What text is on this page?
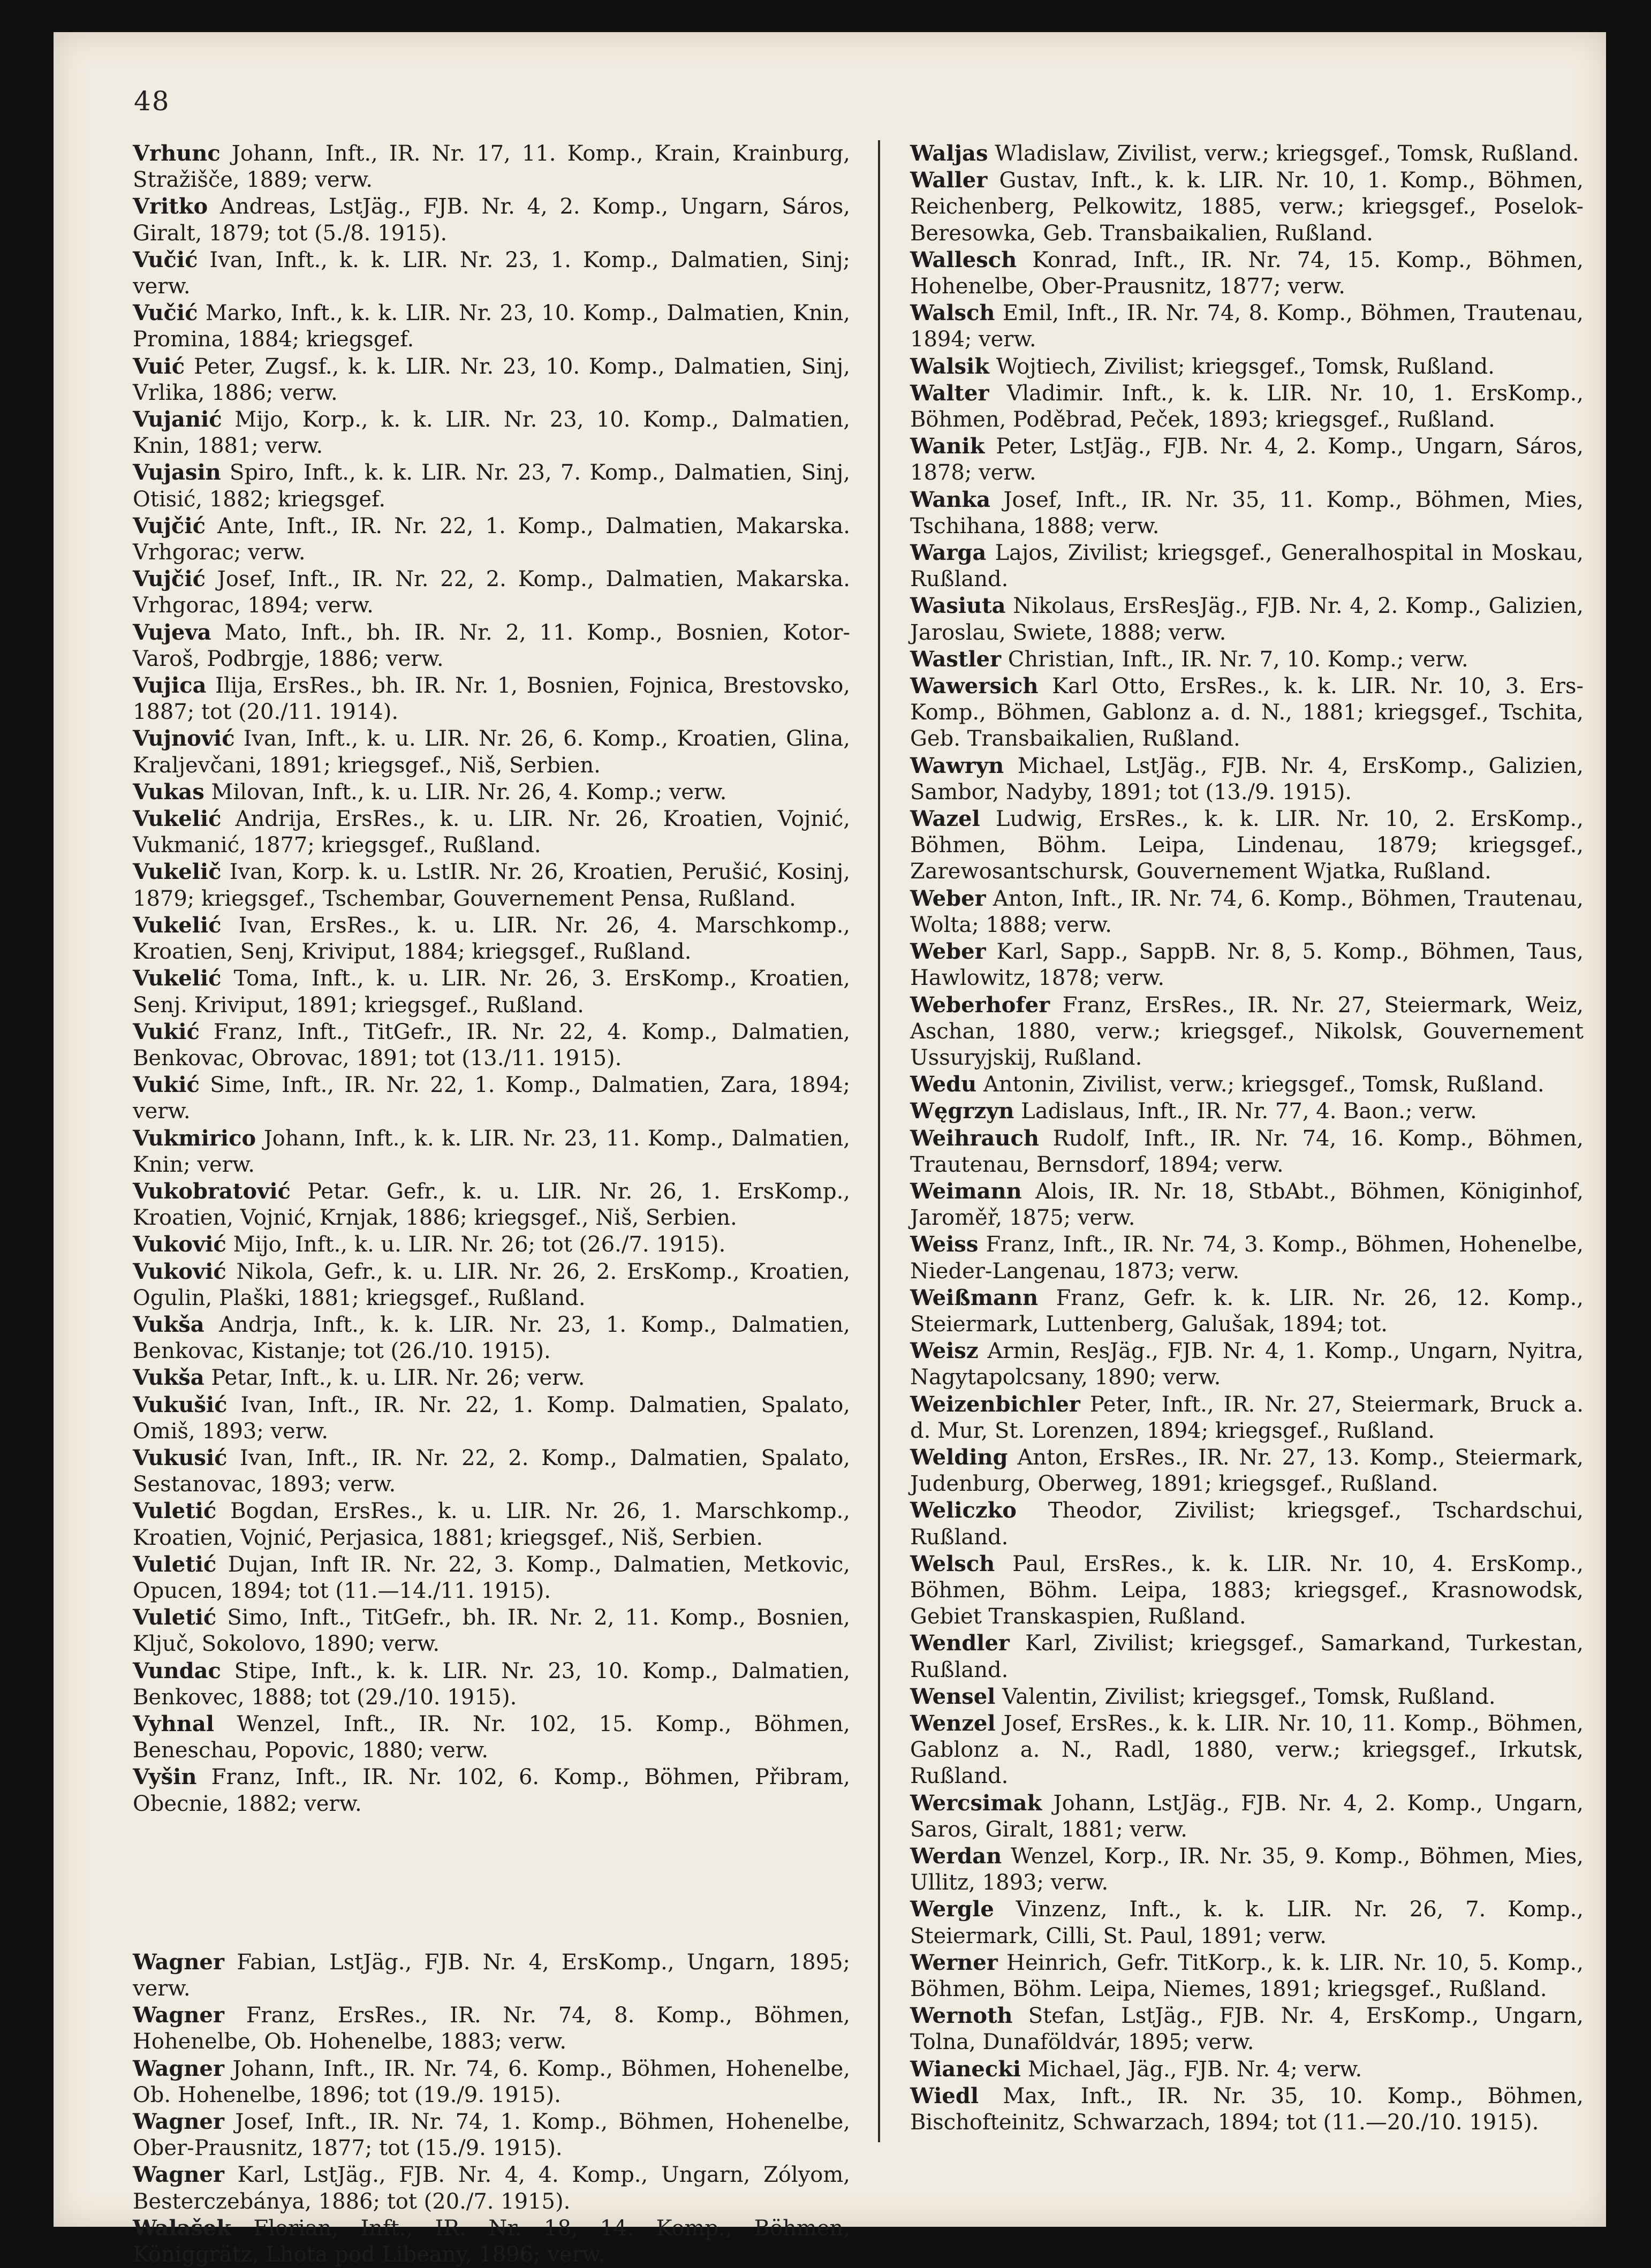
48

Vrhunc Johann, Inft., IR. Nr. 17, 11. Komp., Krain, Krainburg, Stražišče, 1889; verw.

Vritko Andreas, LstJäg., FJB. Nr. 4, 2. Komp., Ungarn, Sáros, Giralt, 1879; tot (5./8. 1915).

Vučić Ivan, Inft., k. k. LIR. Nr. 23, 1. Komp., Dalmatien, Sinj; verw.

Vučić Marko, Inft., k. k. LIR. Nr. 23, 10. Komp., Dalmatien, Knin, Promina, 1884; kriegsgef.

Vuić Peter, Zugsf., k. k. LIR. Nr. 23, 10. Komp., Dalmatien, Sinj, Vrlika, 1886; verw.

Vujanić Mijo, Korp., k. k. LIR. Nr. 23, 10. Komp., Dalmatien, Knin, 1881; verw.

Vujasin Spiro, Inft., k. k. LIR. Nr. 23, 7. Komp., Dalmatien, Sinj, Otisić, 1882; kriegsgef.

Vujčić Ante, Inft., IR. Nr. 22, 1. Komp., Dalmatien, Makarska. Vrhgorac; verw.

Vujčić Josef, Inft., IR. Nr. 22, 2. Komp., Dalmatien, Makarska. Vrhgorac, 1894; verw.

Vujeva Mato, Inft., bh. IR. Nr. 2, 11. Komp., Bosnien, Kotor-Varoš, Podbrgje, 1886; verw.

Vujica Ilija, ErsRes., bh. IR. Nr. 1, Bosnien, Fojnica, Brestovsko, 1887; tot (20./11. 1914).

Vujnović Ivan, Inft., k. u. LIR. Nr. 26, 6. Komp., Kroatien, Glina, Kraljevčani, 1891; kriegsgef., Niš, Serbien.

Vukas Milovan, Inft., k. u. LIR. Nr. 26, 4. Komp.; verw.

Vukelić Andrija, ErsRes., k. u. LIR. Nr. 26, Kroatien, Vojnić, Vukmanić, 1877; kriegsgef., Rußland.

Vukelič Ivan, Korp. k. u. LstIR. Nr. 26, Kroatien, Perušić, Kosinj, 1879; kriegsgef., Tschembar, Gouvernement Pensa, Rußland.

Vukelić Ivan, ErsRes., k. u. LIR. Nr. 26, 4. Marschkomp., Kroatien, Senj, Kriviput, 1884; kriegsgef., Rußland.

Vukelić Toma, Inft., k. u. LIR. Nr. 26, 3. ErsKomp., Kroatien, Senj. Kriviput, 1891; kriegsgef., Rußland.

Vukić Franz, Inft., TitGefr., IR. Nr. 22, 4. Komp., Dalmatien, Benkovac, Obrovac, 1891; tot (13./11. 1915).

Vukić Sime, Inft., IR. Nr. 22, 1. Komp., Dalmatien, Zara, 1894; verw.

Vukmirico Johann, Inft., k. k. LIR. Nr. 23, 11. Komp., Dalmatien, Knin; verw.

Vukobratović Petar. Gefr., k. u. LIR. Nr. 26, 1. ErsKomp., Kroatien, Vojnić, Krnjak, 1886; kriegsgef., Niš, Serbien.

Vuković Mijo, Inft., k. u. LIR. Nr. 26; tot (26./7. 1915).

Vuković Nikola, Gefr., k. u. LIR. Nr. 26, 2. ErsKomp., Kroatien, Ogulin, Plaški, 1881; kriegsgef., Rußland.

Vukša Andrja, Inft., k. k. LIR. Nr. 23, 1. Komp., Dalmatien, Benkovac, Kistanje; tot (26./10. 1915).

Vukša Petar, Inft., k. u. LIR. Nr. 26; verw.

Vukušić Ivan, Inft., IR. Nr. 22, 1. Komp. Dalmatien, Spalato, Omiš, 1893; verw.

Vukusić Ivan, Inft., IR. Nr. 22, 2. Komp., Dalmatien, Spalato, Sestanovac, 1893; verw.

Vuletić Bogdan, ErsRes., k. u. LIR. Nr. 26, 1. Marschkomp., Kroatien, Vojnić, Perjasica, 1881; kriegsgef., Niš, Serbien.

Vuletić Dujan, Inft IR. Nr. 22, 3. Komp., Dalmatien, Metkovic, Opucen, 1894; tot (11.—14./11. 1915).

Vuletić Simo, Inft., TitGefr., bh. IR. Nr. 2, 11. Komp., Bosnien, Ključ, Sokolovo, 1890; verw.

Vundac Stipe, Inft., k. k. LIR. Nr. 23, 10. Komp., Dalmatien, Benkovec, 1888; tot (29./10. 1915).

Vyhnal Wenzel, Inft., IR. Nr. 102, 15. Komp., Böhmen, Beneschau, Popovic, 1880; verw.

Vyšin Franz, Inft., IR. Nr. 102, 6. Komp., Böhmen, Přibram, Obecnie, 1882; verw.

Wagner Fabian, LstJäg., FJB. Nr. 4, ErsKomp., Ungarn, 1895; verw.

Wagner Franz, ErsRes., IR. Nr. 74, 8. Komp., Böhmen, Hohenelbe, Ob. Hohenelbe, 1883; verw.

Wagner Johann, Inft., IR. Nr. 74, 6. Komp., Böhmen, Hohenelbe, Ob. Hohenelbe, 1896; tot (19./9. 1915).

Wagner Josef, Inft., IR. Nr. 74, 1. Komp., Böhmen, Hohenelbe, Ober-Prausnitz, 1877; tot (15./9. 1915).

Wagner Karl, LstJäg., FJB. Nr. 4, 4. Komp., Ungarn, Zólyom, Besterczebánya, 1886; tot (20./7. 1915).

Walašek Florian, Inft., IR. Nr. 18, 14. Komp., Böhmen, Königgrätz, Lhota pod Libeany, 1896; verw.

Waljas Wladislaw, Zivilist, verw.; kriegsgef., Tomsk, Rußland.

Waller Gustav, Inft., k. k. LIR. Nr. 10, 1. Komp., Böhmen, Reichenberg, Pelkowitz, 1885, verw.; kriegsgef., Poselok-Beresowka, Geb. Transbaikalien, Rußland.

Wallesch Konrad, Inft., IR. Nr. 74, 15. Komp., Böhmen, Hohenelbe, Ober-Prausnitz, 1877; verw.

Walsch Emil, Inft., IR. Nr. 74, 8. Komp., Böhmen, Trautenau, 1894; verw.

Walsik Wojtiech, Zivilist; kriegsgef., Tomsk, Rußland.

Walter Vladimir. Inft., k. k. LIR. Nr. 10, 1. ErsKomp., Böhmen, Poděbrad, Peček, 1893; kriegsgef., Rußland.

Wanik Peter, LstJäg., FJB. Nr. 4, 2. Komp., Ungarn, Sáros, 1878; verw.

Wanka Josef, Inft., IR. Nr. 35, 11. Komp., Böhmen, Mies, Tschihana, 1888; verw.

Warga Lajos, Zivilist; kriegsgef., Generalhospital in Moskau, Rußland.

Wasiuta Nikolaus, ErsResJäg., FJB. Nr. 4, 2. Komp., Galizien, Jaroslau, Swiete, 1888; verw.

Wastler Christian, Inft., IR. Nr. 7, 10. Komp.; verw.

Wawersich Karl Otto, ErsRes., k. k. LIR. Nr. 10, 3. Ers-Komp., Böhmen, Gablonz a. d. N., 1881; kriegsgef., Tschita, Geb. Transbaikalien, Rußland.

Wawryn Michael, LstJäg., FJB. Nr. 4, ErsKomp., Galizien, Sambor, Nadyby, 1891; tot (13./9. 1915).

Wazel Ludwig, ErsRes., k. k. LIR. Nr. 10, 2. ErsKomp., Böhmen, Böhm. Leipa, Lindenau, 1879; kriegsgef., Zarewosantschursk, Gouvernement Wjatka, Rußland.

Weber Anton, Inft., IR. Nr. 74, 6. Komp., Böhmen, Trautenau, Wolta; 1888; verw.

Weber Karl, Sapp., SappB. Nr. 8, 5. Komp., Böhmen, Taus, Hawlowitz, 1878; verw.

Weberhofer Franz, ErsRes., IR. Nr. 27, Steiermark, Weiz, Aschan, 1880, verw.; kriegsgef., Nikolsk, Gouvernement Ussuryjskij, Rußland.

Wedu Antonin, Zivilist, verw.; kriegsgef., Tomsk, Rußland.

Węgrzyn Ladislaus, Inft., IR. Nr. 77, 4. Baon.; verw.

Weihrauch Rudolf, Inft., IR. Nr. 74, 16. Komp., Böhmen, Trautenau, Bernsdorf, 1894; verw.

Weimann Alois, IR. Nr. 18, StbAbt., Böhmen, Königinhof, Jaroměř, 1875; verw.

Weiss Franz, Inft., IR. Nr. 74, 3. Komp., Böhmen, Hohenelbe, Nieder-Langenau, 1873; verw.

Weißmann Franz, Gefr. k. k. LIR. Nr. 26, 12. Komp., Steiermark, Luttenberg, Galušak, 1894; tot.

Weisz Armin, ResJäg., FJB. Nr. 4, 1. Komp., Ungarn, Nyitra, Nagytapolcsany, 1890; verw.

Weizenbichler Peter, Inft., IR. Nr. 27, Steiermark, Bruck a. d. Mur, St. Lorenzen, 1894; kriegsgef., Rußland.

Welding Anton, ErsRes., IR. Nr. 27, 13. Komp., Steiermark, Judenburg, Oberweg, 1891; kriegsgef., Rußland.

Weliczko Theodor, Zivilist; kriegsgef., Tschardschui, Rußland.

Welsch Paul, ErsRes., k. k. LIR. Nr. 10, 4. ErsKomp., Böhmen, Böhm. Leipa, 1883; kriegsgef., Krasnowodsk, Gebiet Transkaspien, Rußland.

Wendler Karl, Zivilist; kriegsgef., Samarkand, Turkestan, Rußland.

Wensel Valentin, Zivilist; kriegsgef., Tomsk, Rußland.

Wenzel Josef, ErsRes., k. k. LIR. Nr. 10, 11. Komp., Böhmen, Gablonz a. N., Radl, 1880, verw.; kriegsgef., Irkutsk, Rußland.

Wercsimak Johann, LstJäg., FJB. Nr. 4, 2. Komp., Ungarn, Saros, Giralt, 1881; verw.

Werdan Wenzel, Korp., IR. Nr. 35, 9. Komp., Böhmen, Mies, Ullitz, 1893; verw.

Wergle Vinzenz, Inft., k. k. LIR. Nr. 26, 7. Komp., Steiermark, Cilli, St. Paul, 1891; verw.

Werner Heinrich, Gefr. TitKorp., k. k. LIR. Nr. 10, 5. Komp., Böhmen, Böhm. Leipa, Niemes, 1891; kriegsgef., Rußland.

Wernoth Stefan, LstJäg., FJB. Nr. 4, ErsKomp., Ungarn, Tolna, Dunaföldvár, 1895; verw.

Wianecki Michael, Jäg., FJB. Nr. 4; verw.

Wiedl Max, Inft., IR. Nr. 35, 10. Komp., Böhmen, Bischofteinitz, Schwarzach, 1894; tot (11.—20./10. 1915).
